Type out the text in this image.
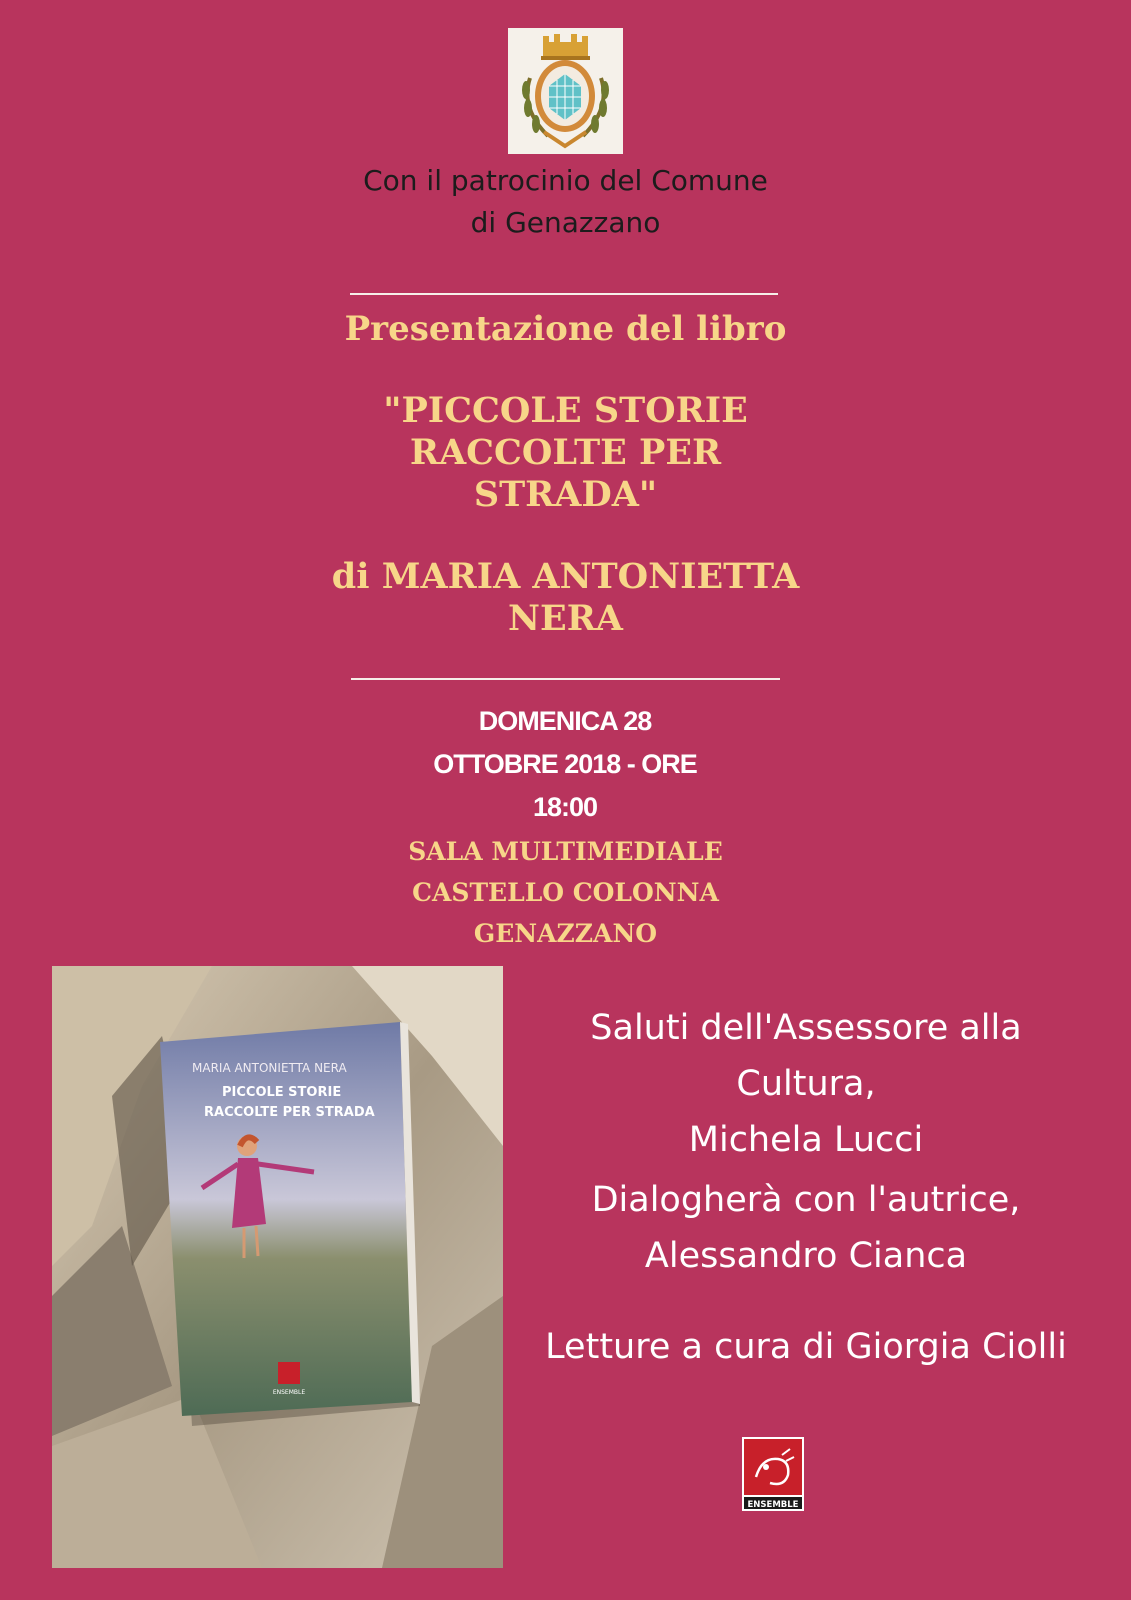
Con il patrocinio del Comune
di Genazzano
Presentazione del libro
"PICCOLE STORIE
RACCOLTE PER
STRADA"
di MARIA ANTONIETTA
NERA
DOMENICA 28
OTTOBRE 2018 - ORE
18:00
SALA MULTIMEDIALE
CASTELLO COLONNA
GENAZZANO
MARIA ANTONIETTA NERA
PICCOLE STORIE
RACCOLTE PER STRADA
ENSEMBLE
Saluti dell'Assessore alla
Cultura,
Michela Lucci
Dialogherà con l'autrice,
Alessandro Cianca
Letture a cura di Giorgia Ciolli
ENSEMBLE
